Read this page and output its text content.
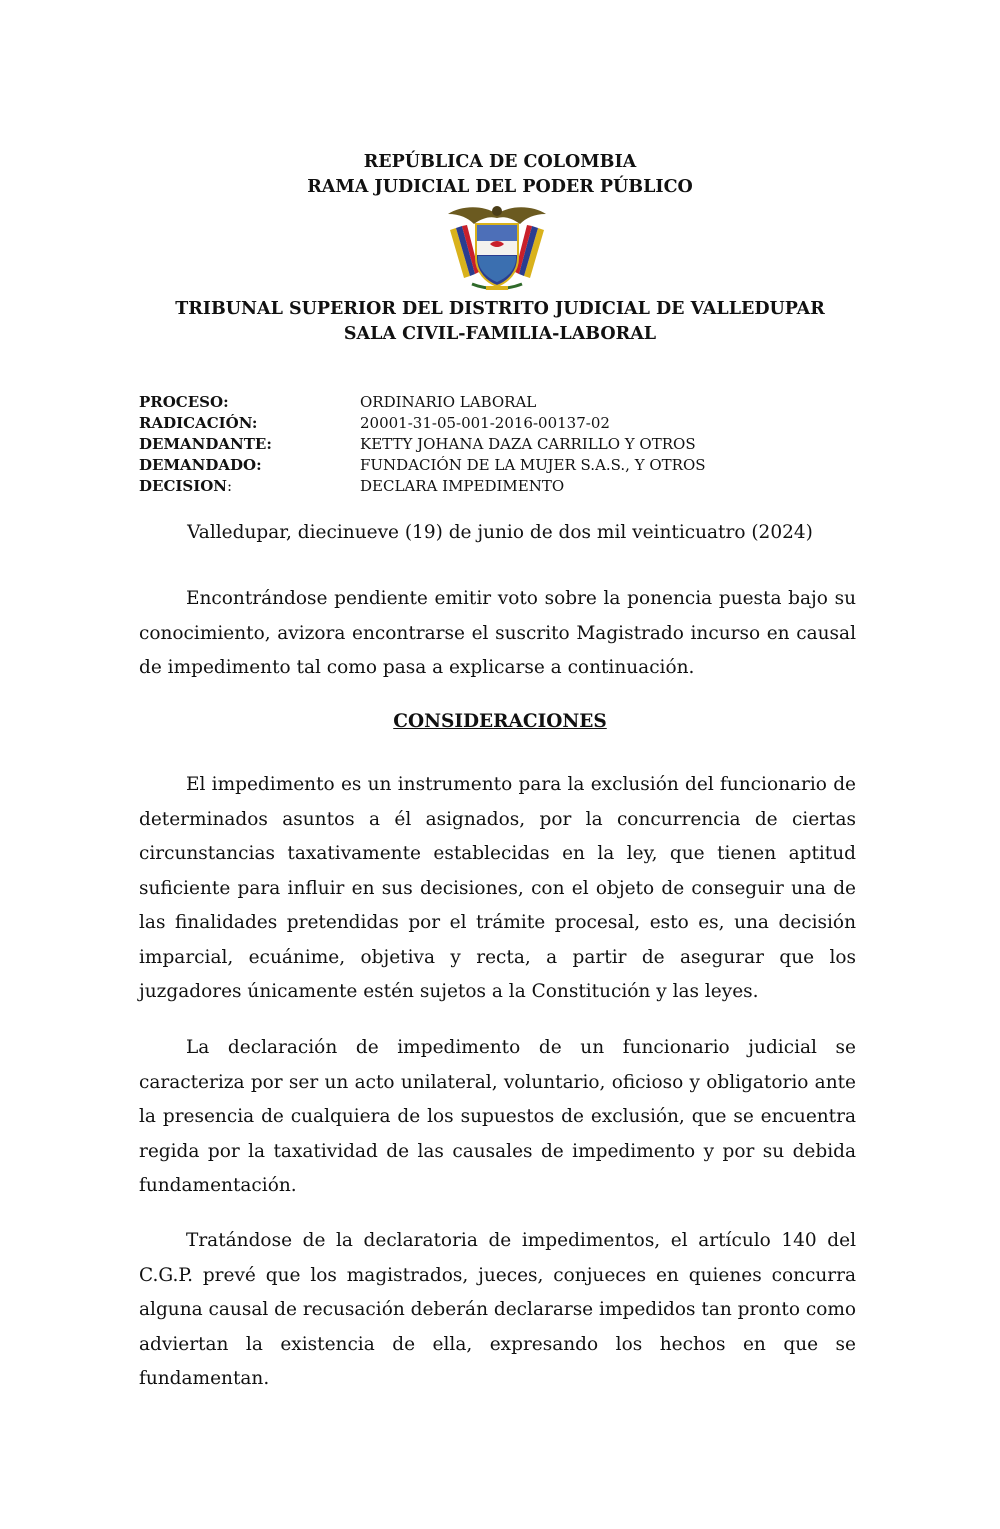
REPÚBLICA DE COLOMBIA
RAMA JUDICIAL DEL PODER PÚBLICO
TRIBUNAL SUPERIOR DEL DISTRITO JUDICIAL DE VALLEDUPAR
SALA CIVIL-FAMILIA-LABORAL
PROCESO:	ORDINARIO LABORAL
RADICACIÓN:	20001-31-05-001-2016-00137-02
DEMANDANTE:	KETTY JOHANA DAZA CARRILLO Y OTROS
DEMANDADO:	FUNDACIÓN DE LA MUJER S.A.S., Y OTROS
DECISION:	DECLARA IMPEDIMENTO
Valledupar, diecinueve (19) de junio de dos mil veinticuatro (2024)

Encontrándose pendiente emitir voto sobre la ponencia puesta bajo su conocimiento, avizora encontrarse el suscrito Magistrado incurso en causal de impedimento tal como pasa a explicarse a continuación.

CONSIDERACIONES

El impedimento es un instrumento para la exclusión del funcionario de determinados asuntos a él asignados, por la concurrencia de ciertas circunstancias taxativamente establecidas en la ley, que tienen aptitud suficiente para influir en sus decisiones, con el objeto de conseguir una de las finalidades pretendidas por el trámite procesal, esto es, una decisión imparcial, ecuánime, objetiva y recta, a partir de asegurar que los juzgadores únicamente estén sujetos a la Constitución y las leyes.

La declaración de impedimento de un funcionario judicial se caracteriza por ser un acto unilateral, voluntario, oficioso y obligatorio ante la presencia de cualquiera de los supuestos de exclusión, que se encuentra regida por la taxatividad de las causales de impedimento y por su debida fundamentación.

Tratándose de la declaratoria de impedimentos, el artículo 140 del C.G.P. prevé que los magistrados, jueces, conjueces en quienes concurra alguna causal de recusación deberán declararse impedidos tan pronto como adviertan la existencia de ella, expresando los hechos en que se fundamentan.
